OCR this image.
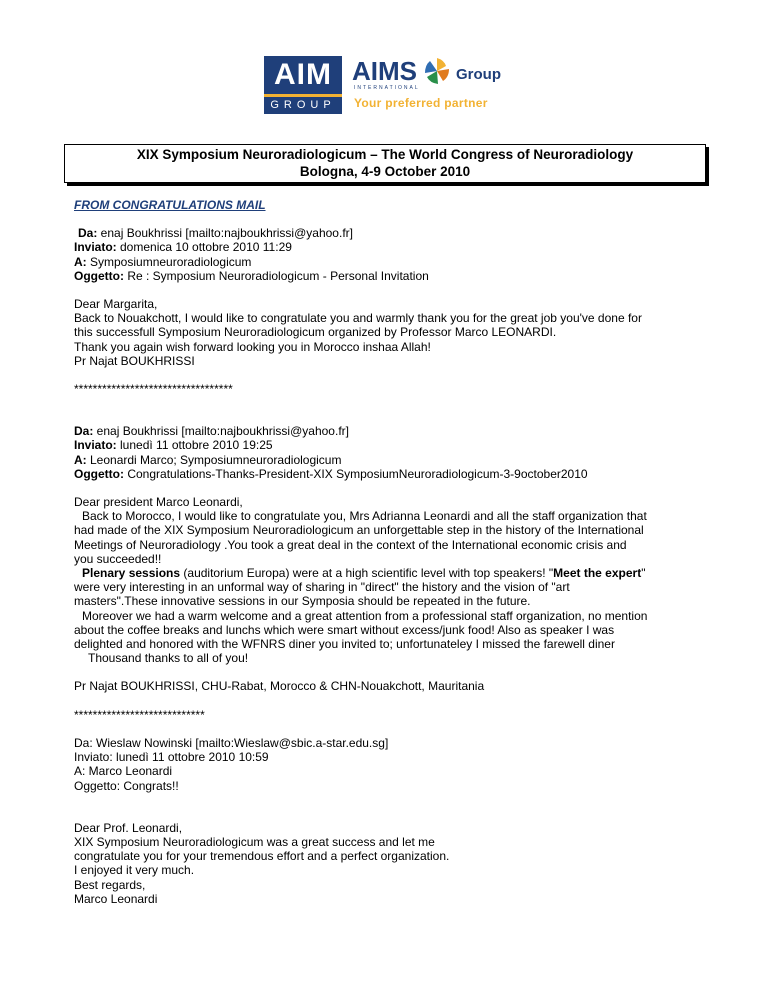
AIM
GROUP
AIMS
INTERNATIONAL
Group
Your preferred partner
XIX Symposium Neuroradiologicum – The World Congress of Neuroradiology
Bologna, 4-9 October 2010

FROM CONGRATULATIONS MAIL

Da: enaj Boukhrissi [mailto:najboukhrissi@yahoo.fr]

Inviato: domenica 10 ottobre 2010 11:29

A: Symposiumneuroradiologicum

Oggetto: Re : Symposium Neuroradiologicum - Personal Invitation

Dear Margarita,

Back to Nouakchott, I would like to congratulate you and warmly thank you for the great job you've done for

this successfull Symposium Neuroradiologicum organized by Professor Marco LEONARDI.

Thank you again wish forward looking you in Morocco inshaa Allah!

Pr Najat BOUKHRISSI

**********************************

Da: enaj Boukhrissi [mailto:najboukhrissi@yahoo.fr]

Inviato: lunedì 11 ottobre 2010 19:25

A: Leonardi Marco; Symposiumneuroradiologicum

Oggetto: Congratulations-Thanks-President-XIX SymposiumNeuroradiologicum-3-9october2010

Dear president Marco Leonardi,

Back to Morocco, I would like to congratulate you, Mrs Adrianna Leonardi and all the staff organization that

had made of the XIX Symposium Neuroradiologicum an unforgettable step in the history of the International

Meetings of Neuroradiology .You took a great deal in the context of the International economic crisis and

you succeeded!!

Plenary sessions (auditorium Europa) were at a high scientific level with top speakers! "Meet the expert"

were very interesting in an unformal way of sharing in "direct" the history and the vision of "art

masters".These innovative sessions in our Symposia should be repeated in the future.

Moreover we had a warm welcome and a great attention from a professional staff organization, no mention

about the coffee breaks and lunchs which were smart without excess/junk food! Also as speaker I was

delighted and honored with the WFNRS diner you invited to; unfortunateley I missed the farewell diner

Thousand thanks to all of you!

Pr Najat BOUKHRISSI, CHU-Rabat, Morocco & CHN-Nouakchott, Mauritania

****************************

Da: Wieslaw Nowinski [mailto:Wieslaw@sbic.a-star.edu.sg]

Inviato: lunedì 11 ottobre 2010 10:59

A: Marco Leonardi

Oggetto: Congrats!!

Dear Prof. Leonardi,

XIX Symposium Neuroradiologicum was a great success and let me

congratulate you for your tremendous effort and a perfect organization.

I enjoyed it very much.

Best regards,

Marco Leonardi
